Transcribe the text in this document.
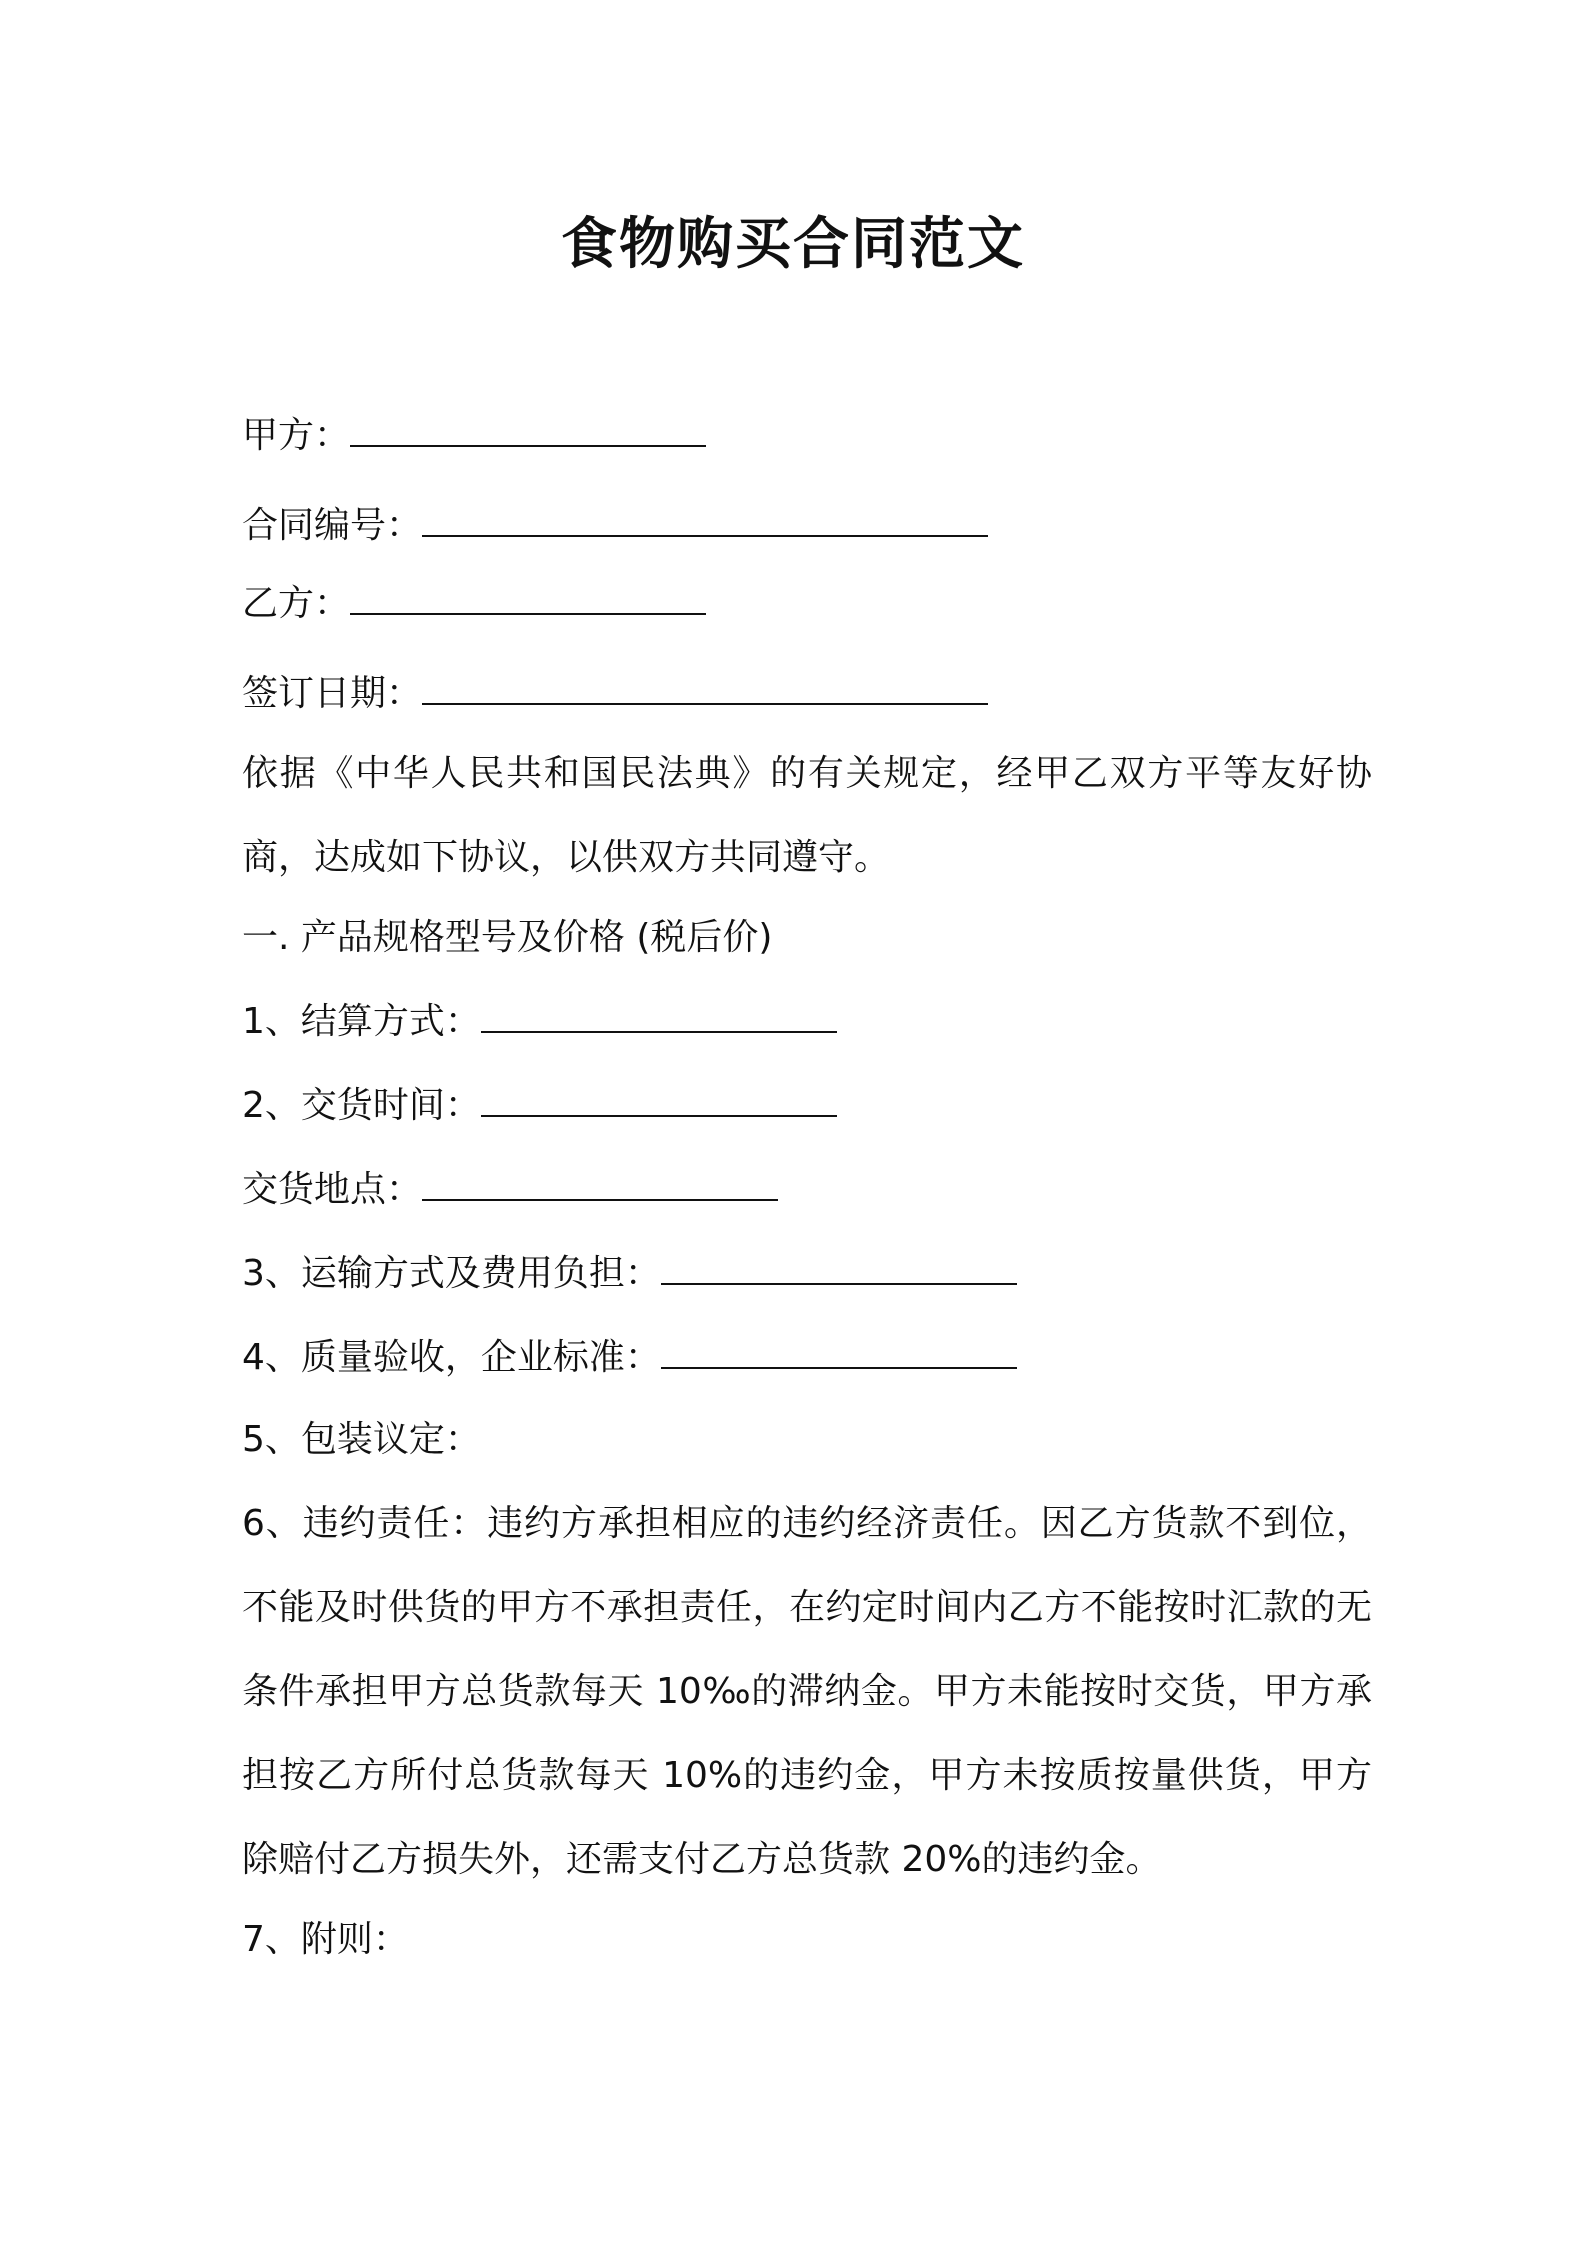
食物购买合同范文
甲方：
合同编号：
乙方：
签订日期：

依据《中华人民共和国民法典》的有关规定，经甲乙双方平等友好协商，达成如下协议，以供双方共同遵守。

一. 产品规格型号及价格 (税后价)
1、结算方式：
2、交货时间：
交货地点：
3、运输方式及费用负担：
4、质量验收，企业标准：
5、包装议定：

6、违约责任：违约方承担相应的违约经济责任。因乙方货款不到位，不能及时供货的甲方不承担责任，在约定时间内乙方不能按时汇款的无条件承担甲方总货款每天 10‰的滞纳金。甲方未能按时交货，甲方承担按乙方所付总货款每天 10%的违约金，甲方未按质按量供货，甲方除赔付乙方损失外，还需支付乙方总货款 20%的违约金。

7、附则：
